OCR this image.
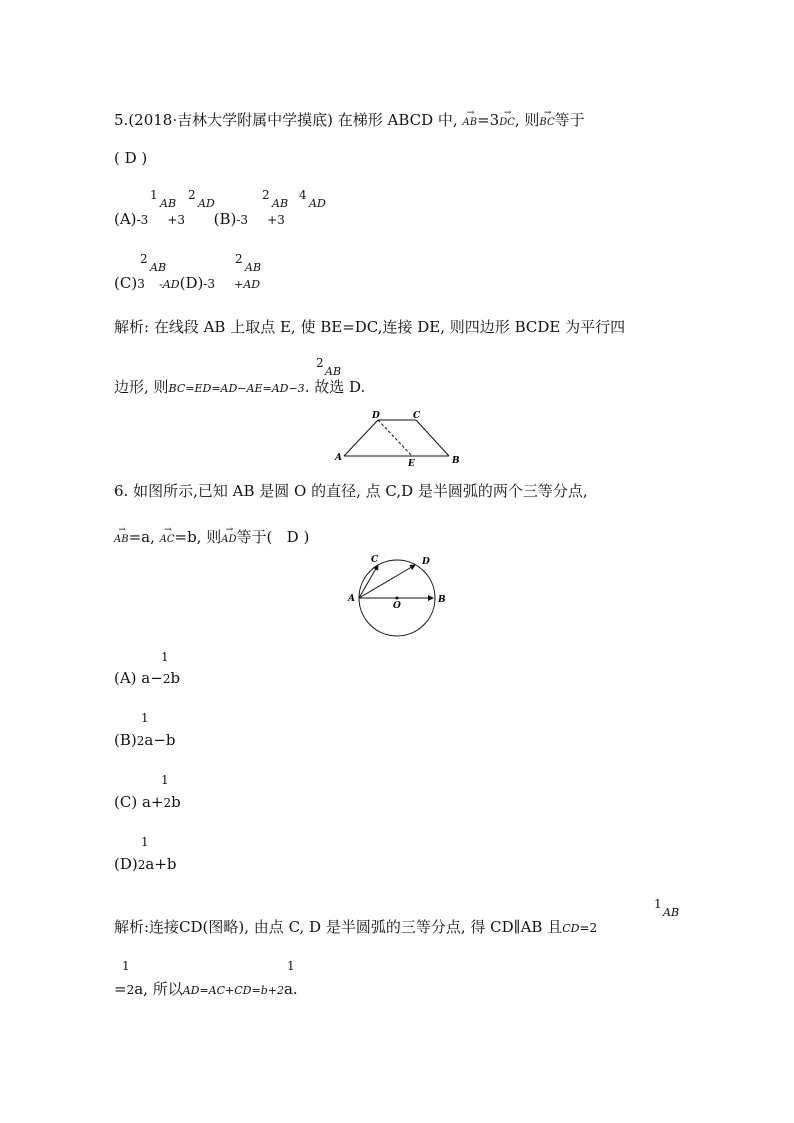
5.(2018·吉林大学附属中学摸底) 在梯形 ABCD 中, → AB=3→ DC, 则→ BC等于
( D )
1	2	2 4
AB AD	AB AD
(A)-3 +3 (B)-3 +3
2	2
AB	AB
(C)3 -AD(D)-3 +AD
解析: 在线段 AB 上取点 E, 使 BE=DC,连接 DE, 则四边形 BCDE 为平行四
2
AB
边形, 则BC=ED=AD−AE=AD−3. 故选 D.
D	C
A
E	B
6. 如图所示,已知 AB 是圆 O 的直径, 点 C,D 是半圆弧的两个三等分点,
→ AB=a, → AC=b, 则→ AD等于( D )
C	D
A
O
B
1
(A) a−2b
1
(B)2a−b
1
(C) a+2b
1
(D)2a+b
1
AB
解析:连接CD(图略), 由点 C, D 是半圆弧的三等分点, 得 CD∥AB 且CD=2
1	1
=2a, 所以AD=AC+CD=b+2a.
